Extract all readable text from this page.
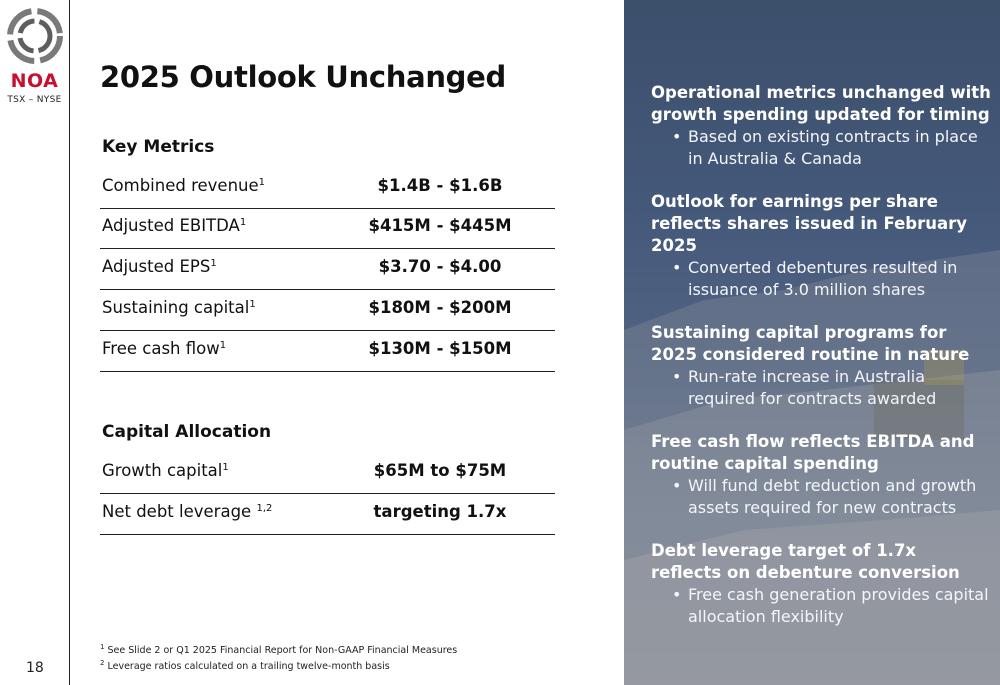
NOA
TSX – NYSE
18
2025 Outlook Unchanged
Key Metrics
Combined revenue$^1$	$1.4B - $1.6B
Adjusted EBITDA$^1$	$415M - $445M
Adjusted EPS$^1$	$3.70 - $4.00
Sustaining capital$^1$	$180M - $200M
Free cash flow$^1$	$130M - $150M
Capital Allocation
Growth capital$^1$	$65M to $75M
Net debt leverage $^{1,2}$	targeting 1.7x
$^1$ See Slide 2 or Q1 2025 Financial Report for Non-GAAP Financial Measures
$^2$ Leverage ratios calculated on a trailing twelve-month basis
Operational metrics unchanged with growth spending updated for timing
• Based on existing contracts in place in Australia & Canada
Outlook for earnings per share reflects shares issued in February 2025
• Converted debentures resulted in issuance of 3.0 million shares
Sustaining capital programs for 2025 considered routine in nature
• Run-rate increase in Australia required for contracts awarded
Free cash flow reflects EBITDA and routine capital spending
• Will fund debt reduction and growth assets required for new contracts
Debt leverage target of 1.7x reflects on debenture conversion
• Free cash generation provides capital allocation flexibility
